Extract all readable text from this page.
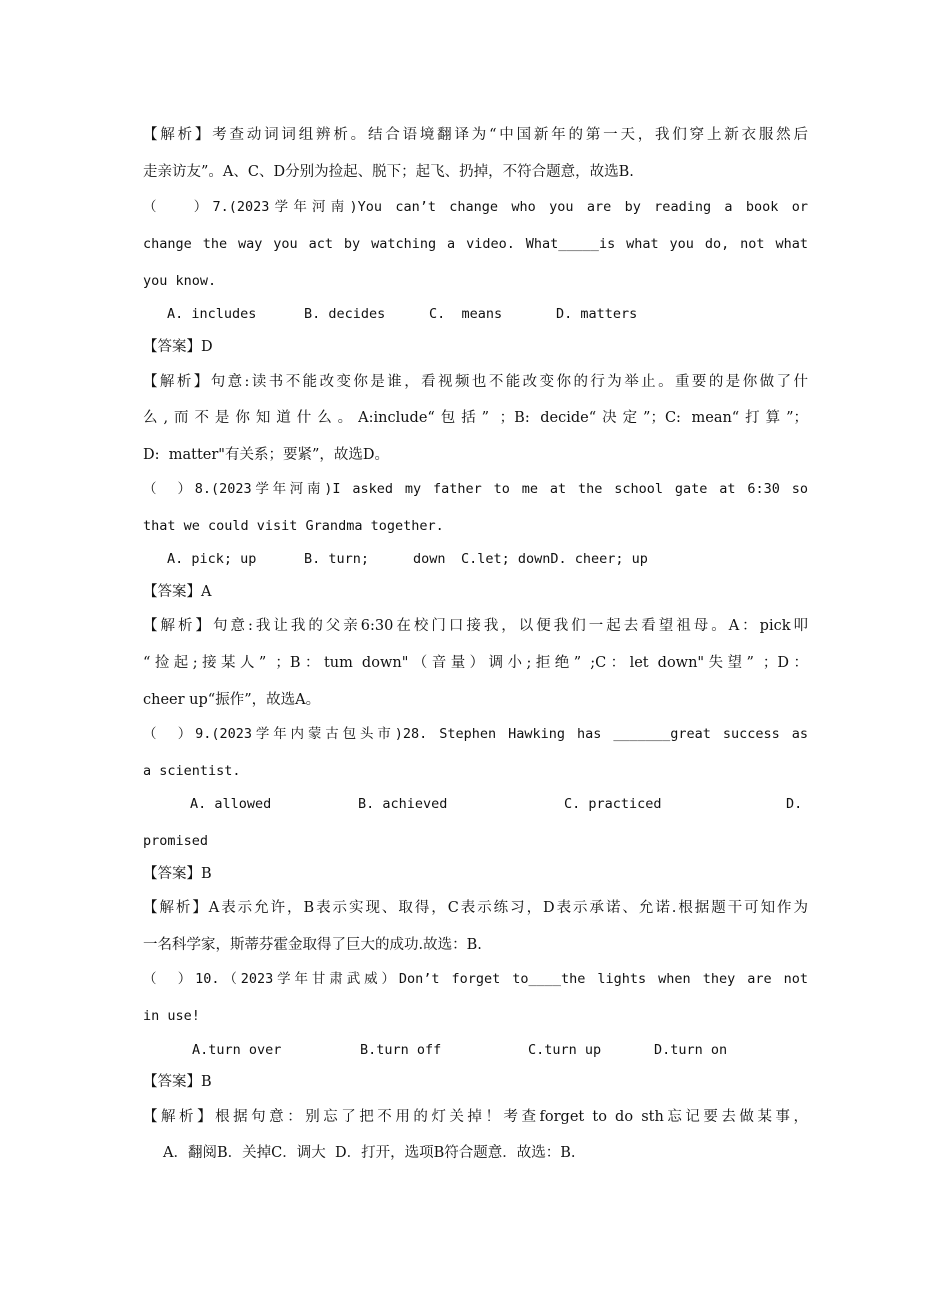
【解析】考查动词词组辨析。结合语境翻译为“中国新年的第一天，我们穿上新衣服然后
走亲访友”。A、C、D分别为捡起、脱下；起飞、扔掉，不符合题意，故选B.
（　 ）7.(2023学年河南)You can’t change who you are by reading a book or
change the way you act by watching a video. What_____is what you do, not what
you know.
A. includes	B. decides	C.  means	D. matters
【答案】D
【解析】句意:读书不能改变你是谁，看视频也不能改变你的行为举止。重要的是你做了什
么,而不是你知道什么。A:include“包括” ；B: decide“决定”；C: mean“打算”；
D:  matter"有关系；要紧”，故选D。
（　）8.(2023学年河南)I asked my father to me at the school gate at 6:30 so
that we could visit Grandma together.
A. pick; up	B. turn;	down C.let; downD. cheer; up
【答案】A
【解析】句意:我让我的父亲6:30在校门口接我，以便我们一起去看望祖母。A：pick叩
“捡起;接某人” ；B：tum down"（音量）调小;拒绝” ;C：let down"失望” ；D：
cheer up“振作”，故选A。
（　）9.(2023学年内蒙古包头市)28. Stephen Hawking has _______great success as
a scientist.
A. allowed	B. achieved	C. practiced	D.
promised
【答案】B
【解析】A表示允许，B表示实现、取得，C表示练习，D表示承诺、允诺.根据题干可知作为
一名科学家，斯蒂芬霍金取得了巨大的成功.故选：B.
（　）10.（2023学年甘肃武威）Don’t forget to____the lights when they are not
in use!
A.turn over	B.turn off	C.turn up	D.turn on
【答案】B
【解析】根据句意：别忘了把不用的灯关掉！考查forget to do sth忘记要去做某事，
A．翻阅B．关掉C．调大  D．打开，选项B符合题意．故选：B.
